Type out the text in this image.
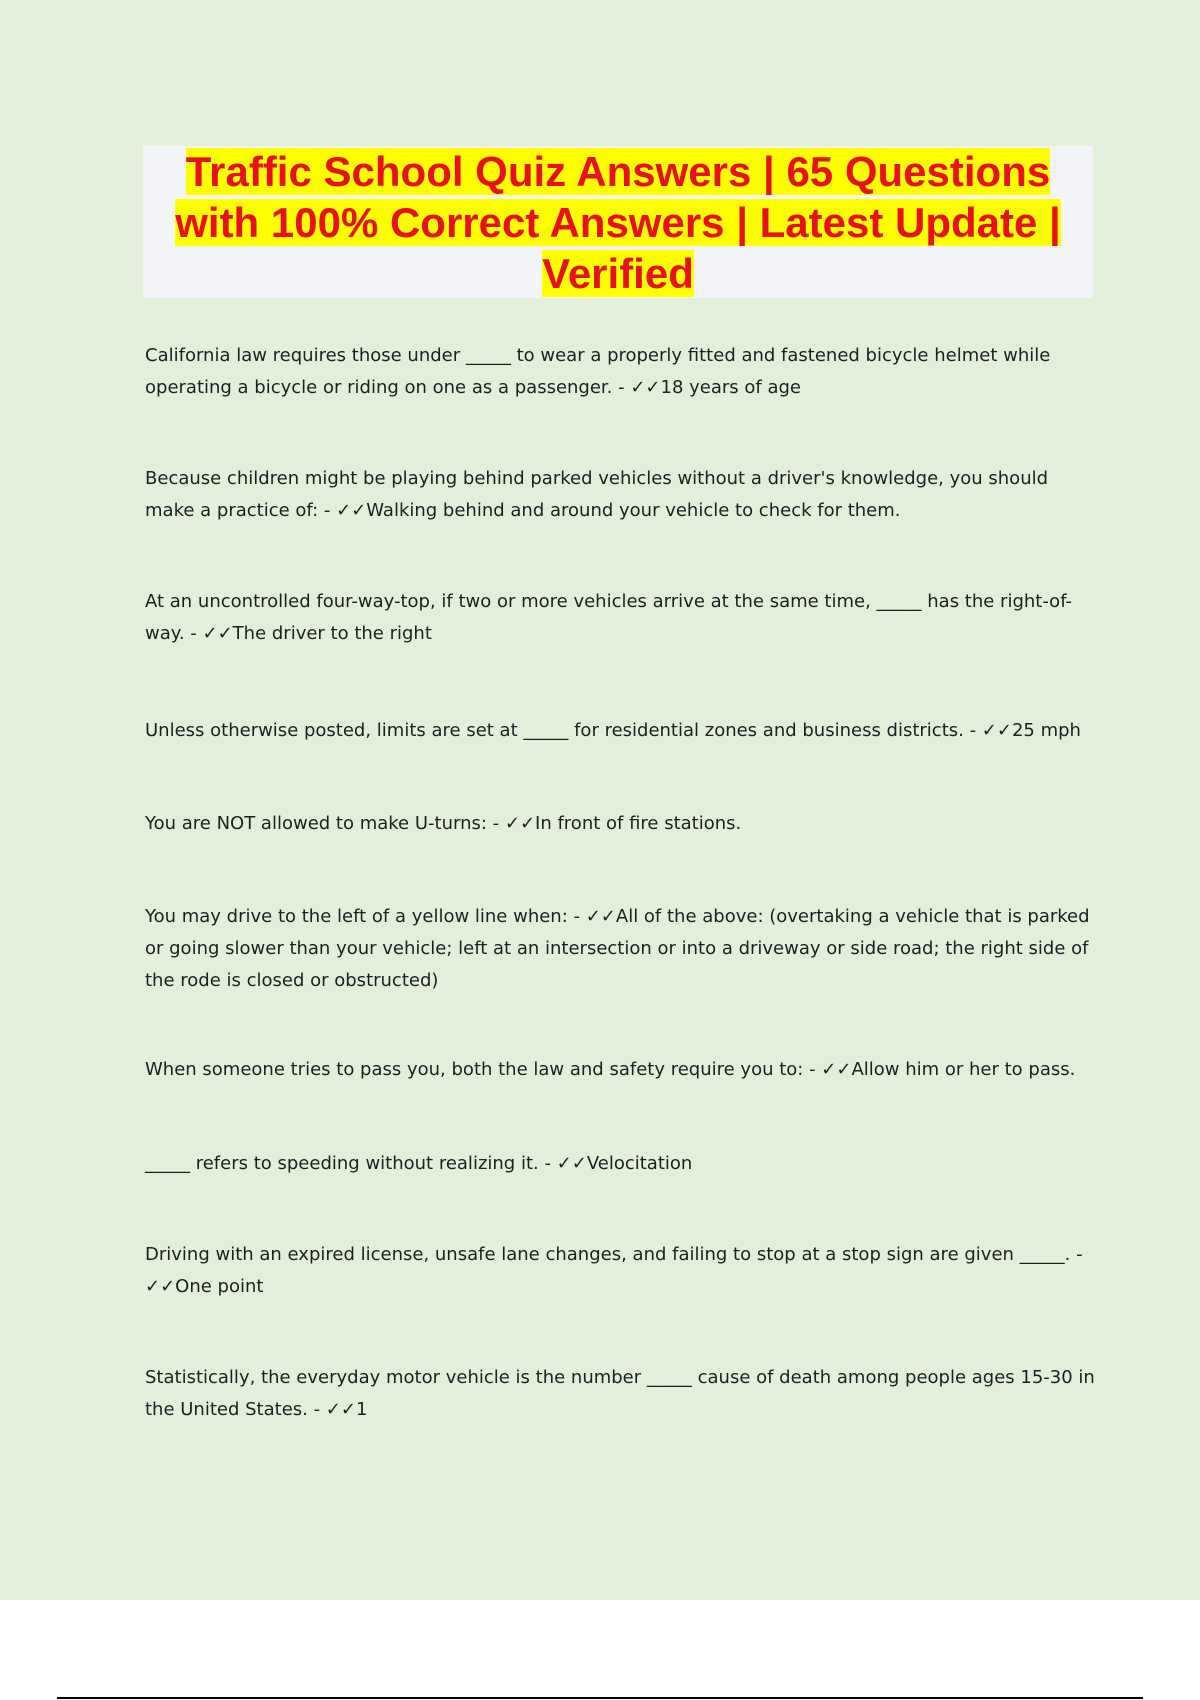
Traffic School Quiz Answers | 65 Questions with 100% Correct Answers | Latest Update | Verified
California law requires those under _____ to wear a properly fitted and fastened bicycle helmet while operating a bicycle or riding on one as a passenger. - ✓✓18 years of age
Because children might be playing behind parked vehicles without a driver's knowledge, you should make a practice of: - ✓✓Walking behind and around your vehicle to check for them.
At an uncontrolled four-way-top, if two or more vehicles arrive at the same time, _____ has the right-of-way. - ✓✓The driver to the right
Unless otherwise posted, limits are set at _____ for residential zones and business districts. - ✓✓25 mph
You are NOT allowed to make U-turns: - ✓✓In front of fire stations.
You may drive to the left of a yellow line when: - ✓✓All of the above: (overtaking a vehicle that is parked or going slower than your vehicle; left at an intersection or into a driveway or side road; the right side of the rode is closed or obstructed)
When someone tries to pass you, both the law and safety require you to: - ✓✓Allow him or her to pass.
_____ refers to speeding without realizing it. - ✓✓Velocitation
Driving with an expired license, unsafe lane changes, and failing to stop at a stop sign are given _____. - ✓✓One point
Statistically, the everyday motor vehicle is the number _____ cause of death among people ages 15-30 in the United States. - ✓✓1
